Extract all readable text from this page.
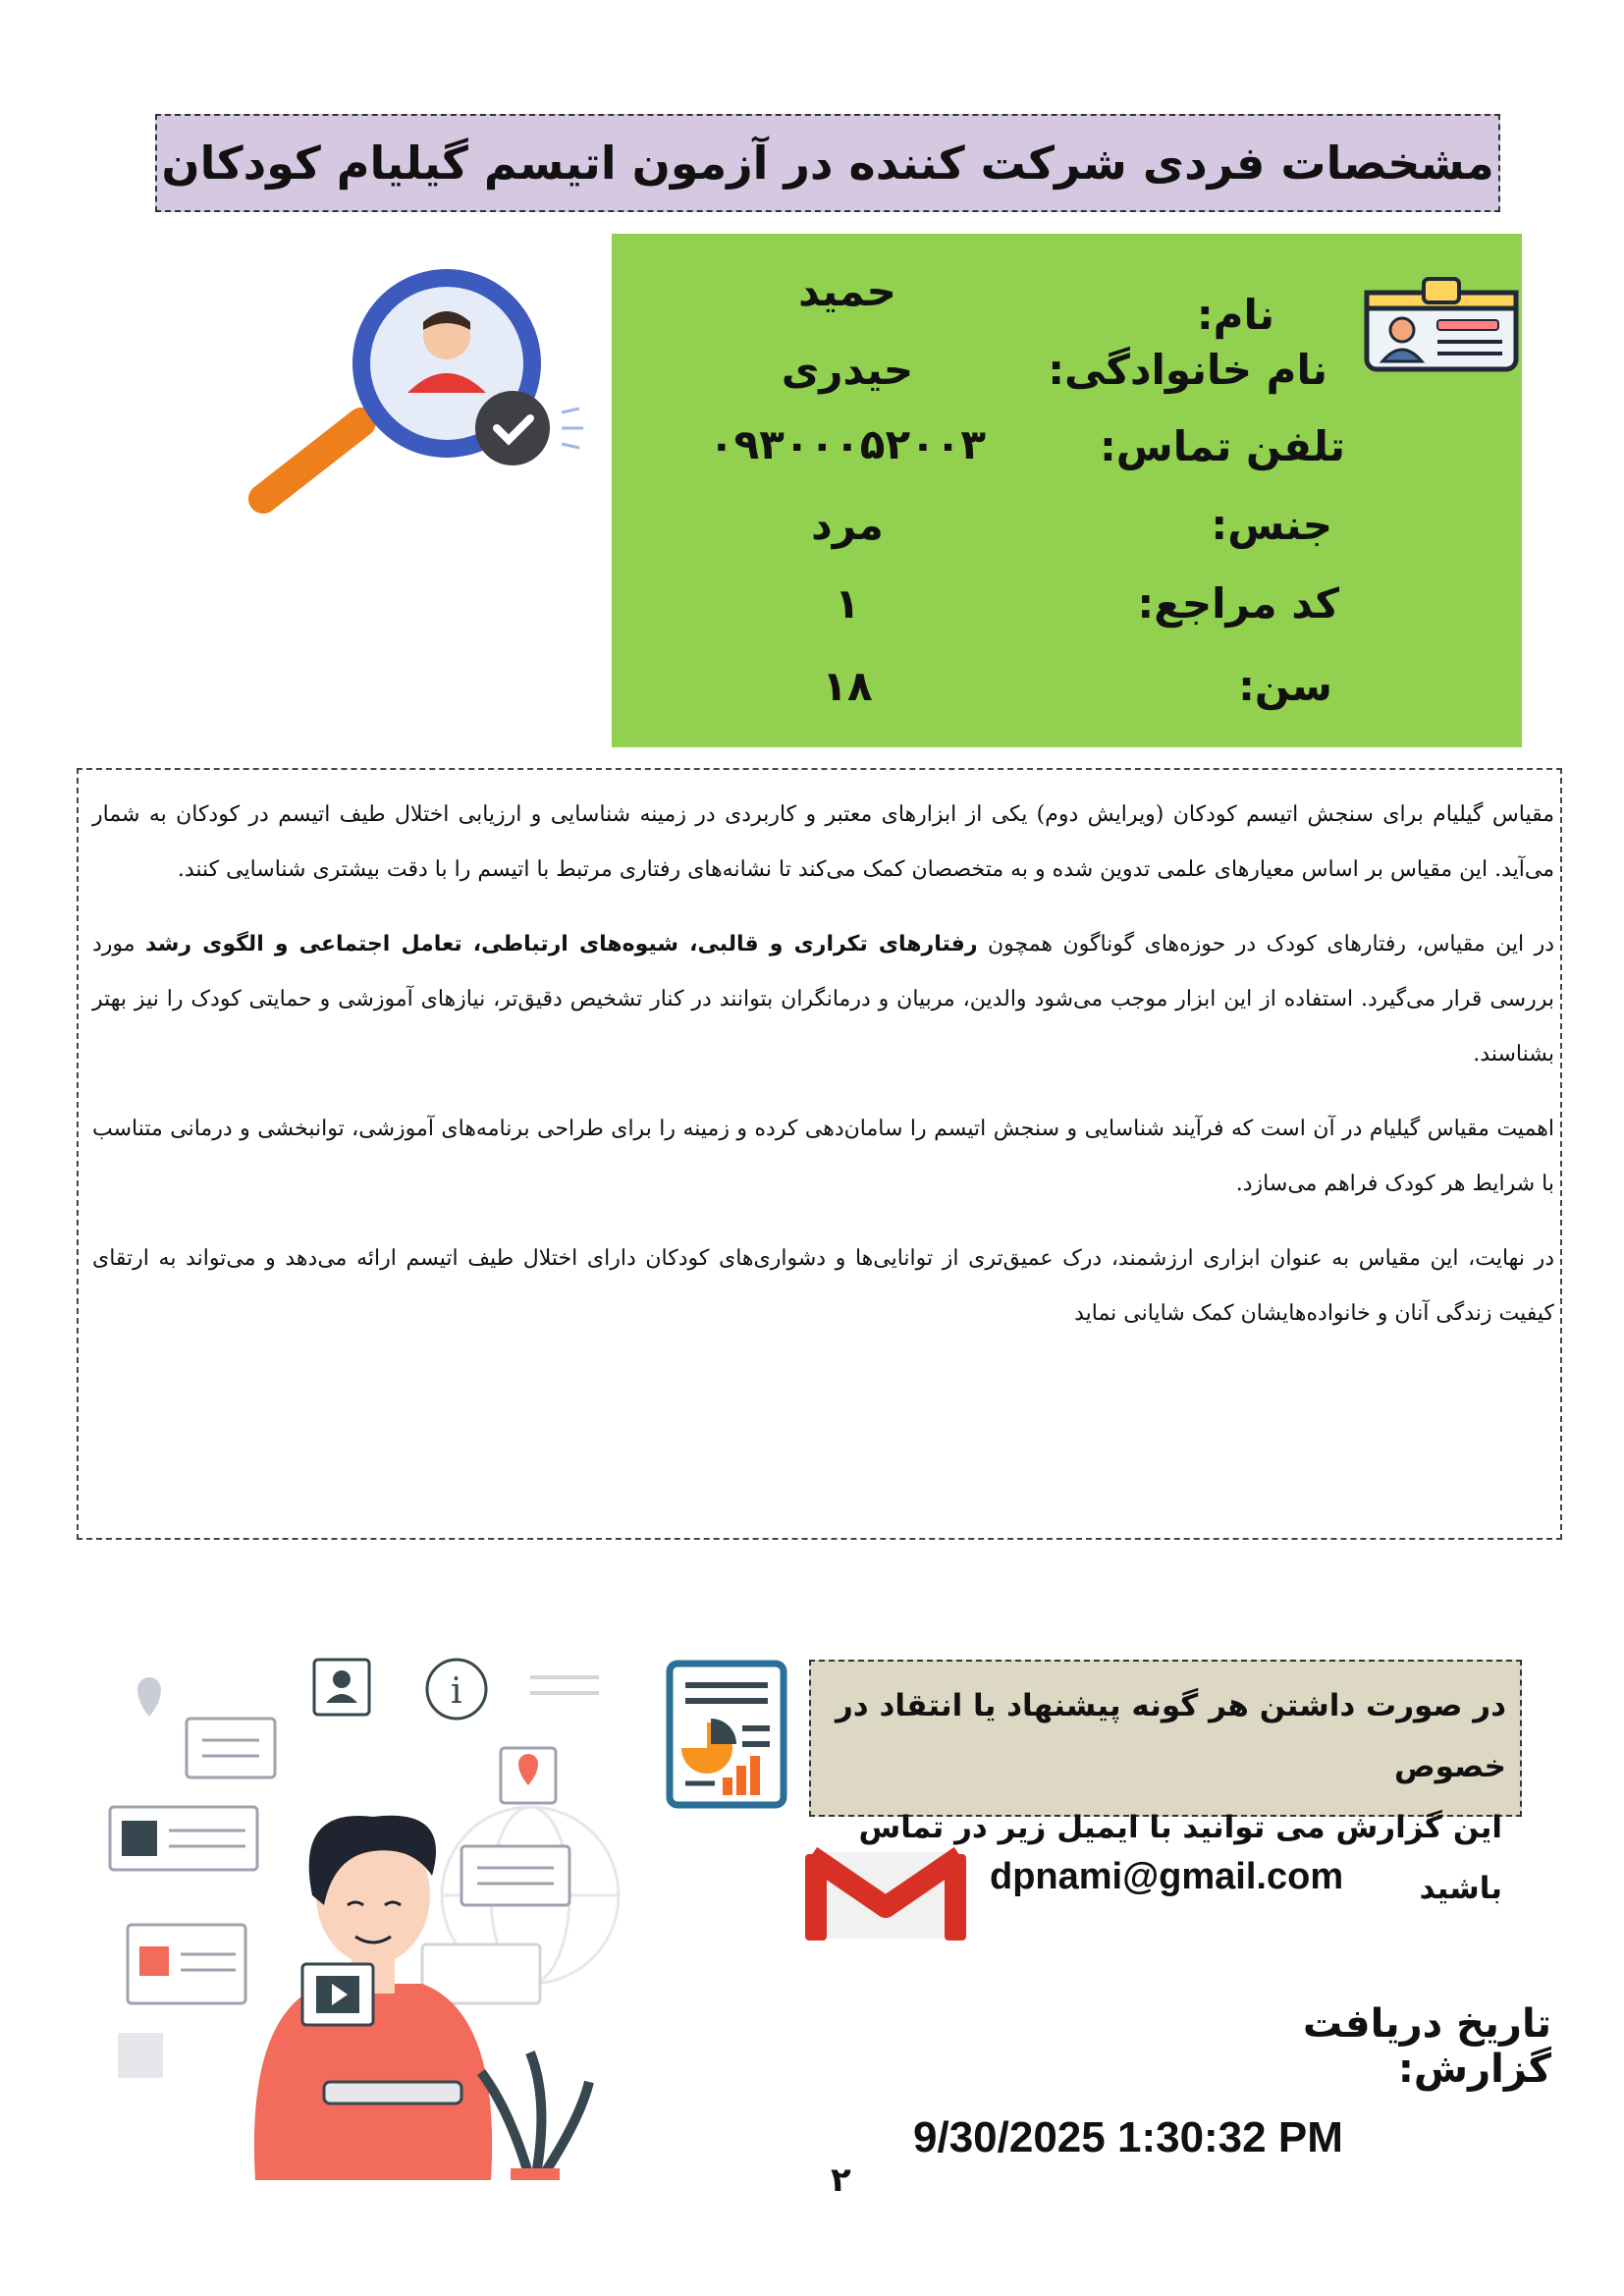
مشخصات فردی شرکت کننده در آزمون اتیسم گیلیام کودکان
نام:
حمید
نام خانوادگی:
حیدری
تلفن تماس:
۰۹۳۰۰۰۵۲۰۰۳
جنس:
مرد
کد مراجع:
۱
سن:
۱۸

مقیاس گیلیام برای سنجش اتیسم کودکان (ویرایش دوم) یکی از ابزارهای معتبر و کاربردی در زمینه شناسایی و ارزیابی اختلال طیف اتیسم در کودکان به شمار می‌آید. این مقیاس بر اساس معیارهای علمی تدوین شده و به متخصصان کمک می‌کند تا نشانه‌های رفتاری مرتبط با اتیسم را با دقت بیشتری شناسایی کنند.

در این مقیاس، رفتارهای کودک در حوزه‌های گوناگون همچون رفتارهای تکراری و قالبی، شیوه‌های ارتباطی، تعامل اجتماعی و الگوی رشد مورد بررسی قرار می‌گیرد. استفاده از این ابزار موجب می‌شود والدین، مربیان و درمانگران بتوانند در کنار تشخیص دقیق‌تر، نیازهای آموزشی و حمایتی کودک را نیز بهتر بشناسند.

اهمیت مقیاس گیلیام در آن است که فرآیند شناسایی و سنجش اتیسم را سامان‌دهی کرده و زمینه را برای طراحی برنامه‌های آموزشی، توانبخشی و درمانی متناسب با شرایط هر کودک فراهم می‌سازد.

در نهایت، این مقیاس به عنوان ابزاری ارزشمند، درک عمیق‌تری از توانایی‌ها و دشواری‌های کودکان دارای اختلال طیف اتیسم ارائه می‌دهد و می‌تواند به ارتقای کیفیت زندگی آنان و خانواده‌هایشان کمک شایانی نماید

i	در صورت داشتن هر گونه پیشنهاد یا انتقاد در خصوص
این گزارش می توانید با ایمیل زیر در تماس باشید
dpnami@gmail.com
تاریخ دریافت گزارش:
9/30/2025 1:30:32 PM
۲
